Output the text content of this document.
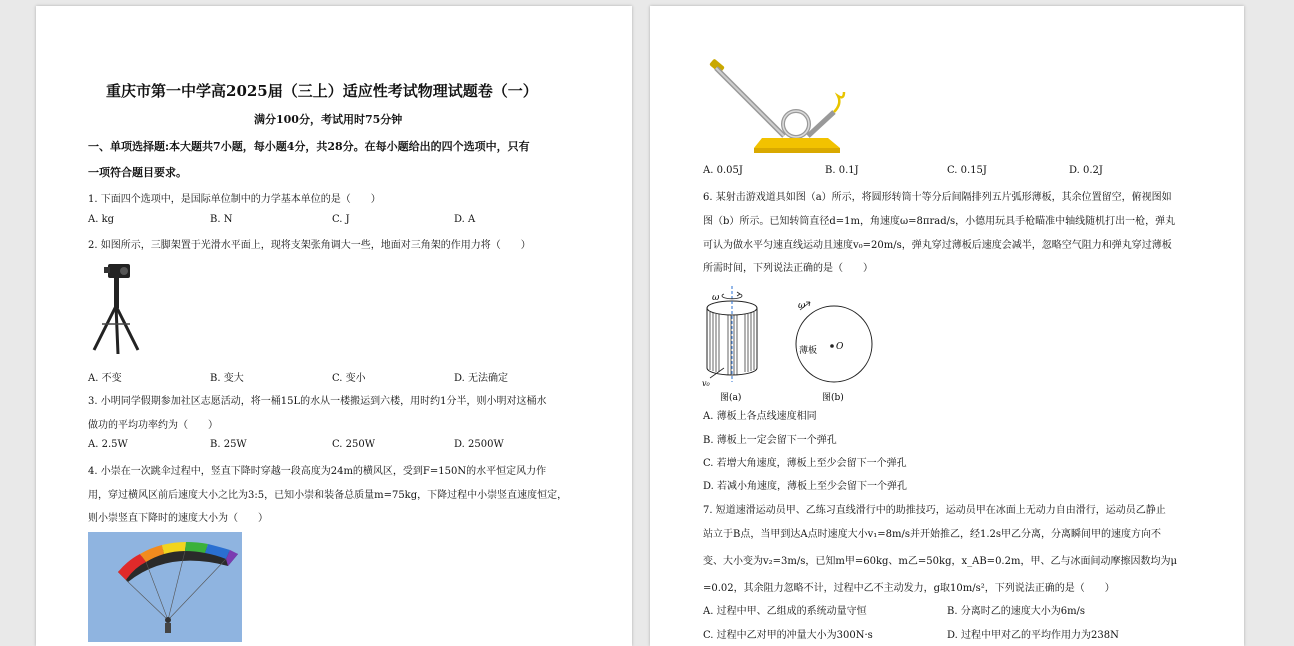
重庆市第一中学高2025届（三上）适应性考试物理试题卷（一）
满分100分，考试用时75分钟
一、单项选择题:本大题共7小题，每小题4分，共28分。在每小题给出的四个选项中，只有
一项符合题目要求。
1. 下面四个选项中，是国际单位制中的力学基本单位的是（　　）
A. kg	B. N	C. J	D. A
2. 如图所示，三脚架置于光滑水平面上，现将支架张角调大一些，地面对三角架的作用力将（　　）
A. 不变	B. 变大	C. 变小	D. 无法确定
3. 小明同学假期参加社区志愿活动，将一桶15L的水从一楼搬运到六楼，用时约1分半，则小明对这桶水
做功的平均功率约为（　　）
A. 2.5W	B. 25W	C. 250W	D. 2500W
4. 小崇在一次跳伞过程中，竖直下降时穿越一段高度为24m的横风区，受到F=150N的水平恒定风力作
用，穿过横风区前后速度大小之比为3:5，已知小崇和装备总质量m=75kg，下降过程中小崇竖直速度恒定，
则小崇竖直下降时的速度大小为（　　）
A. 0.05J	B. 0.1J	C. 0.15J	D. 0.2J
6. 某射击游戏道具如图（a）所示，将圆形转筒十等分后间隔排列五片弧形薄板，其余位置留空，俯视图如
图（b）所示。已知转筒直径d=1m，角速度ω=8πrad/s，小德用玩具手枪瞄准中轴线随机打出一枪，弹丸
可认为做水平匀速直线运动且速度v₀=20m/s，弹丸穿过薄板后速度会减半，忽略空气阻力和弹丸穿过薄板
所需时间，下列说法正确的是（　　）
ω
v₀
图(a)
ω
薄板 O
图(b)
A. 薄板上各点线速度相同
B. 薄板上一定会留下一个弹孔
C. 若增大角速度，薄板上至少会留下一个弹孔
D. 若减小角速度，薄板上至少会留下一个弹孔
7. 短道速滑运动员甲、乙练习直线滑行中的助推技巧，运动员甲在冰面上无动力自由滑行，运动员乙静止
站立于B点，当甲到达A点时速度大小v₁=8m/s并开始推乙，经1.2s甲乙分离，分离瞬间甲的速度方向不
变、大小变为v₂=3m/s，已知m甲=60kg、m乙=50kg，x_AB=0.2m，甲、乙与冰面间动摩擦因数均为μ
=0.02，其余阻力忽略不计，过程中乙不主动发力，g取10m/s²，下列说法正确的是（　　）
A. 过程中甲、乙组成的系统动量守恒	B. 分离时乙的速度大小为6m/s
C. 过程中乙对甲的冲量大小为300N·s	D. 过程中甲对乙的平均作用力为238N
